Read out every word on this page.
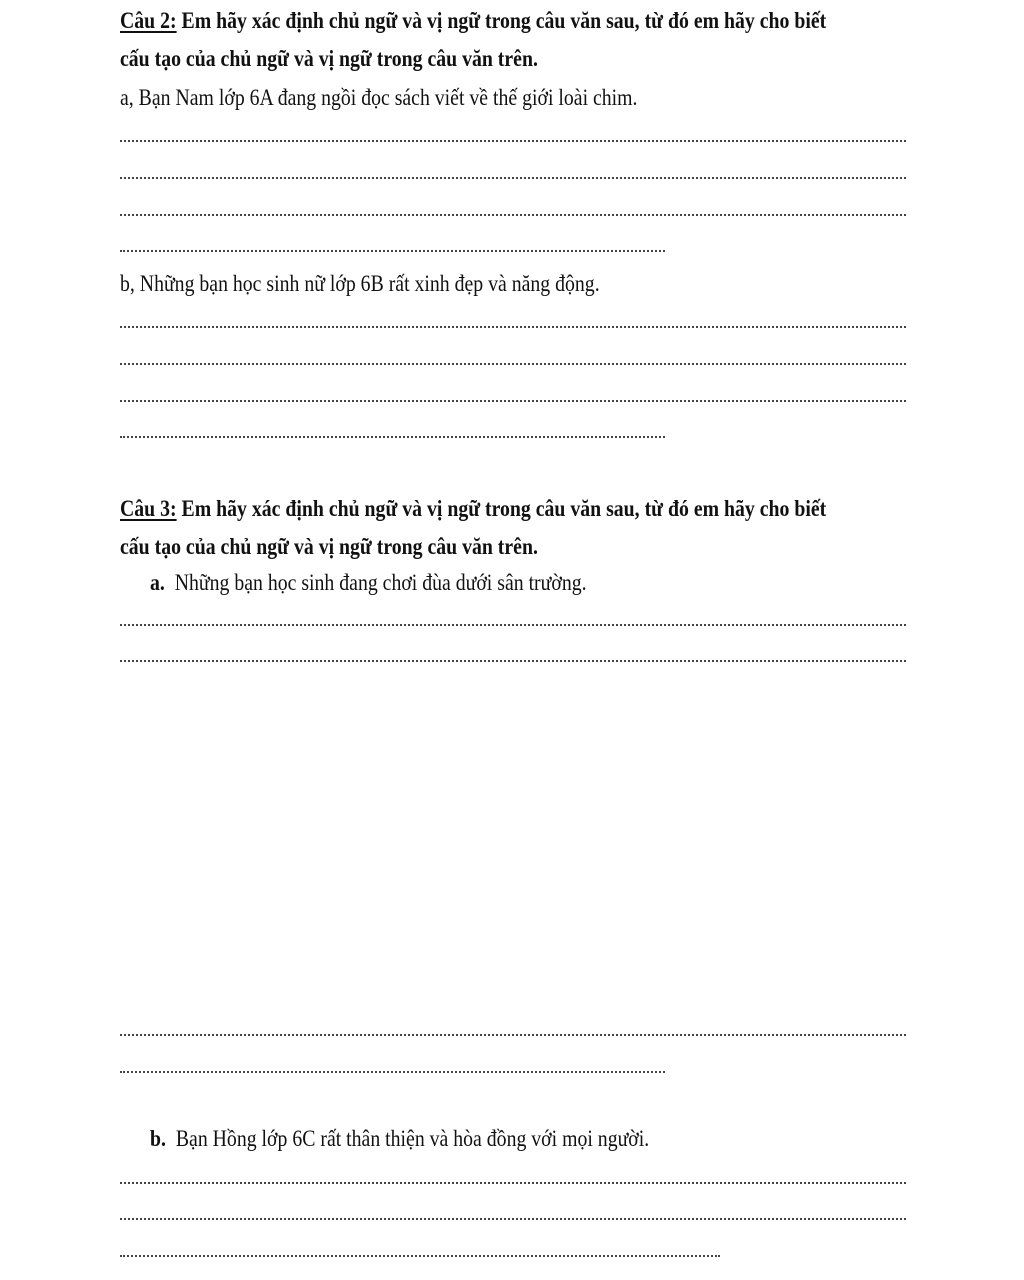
Câu 2: Em hãy xác định chủ ngữ và vị ngữ trong câu văn sau, từ đó em hãy cho biết
cấu tạo của chủ ngữ và vị ngữ trong câu văn trên.
a, Bạn Nam lớp 6A đang ngồi đọc sách viết về thế giới loài chim.
b, Những bạn học sinh nữ lớp 6B rất xinh đẹp và năng động.
Câu 3: Em hãy xác định chủ ngữ và vị ngữ trong câu văn sau, từ đó em hãy cho biết
cấu tạo của chủ ngữ và vị ngữ trong câu văn trên.
a. Những bạn học sinh đang chơi đùa dưới sân trường.
b. Bạn Hồng lớp 6C rất thân thiện và hòa đồng với mọi người.
